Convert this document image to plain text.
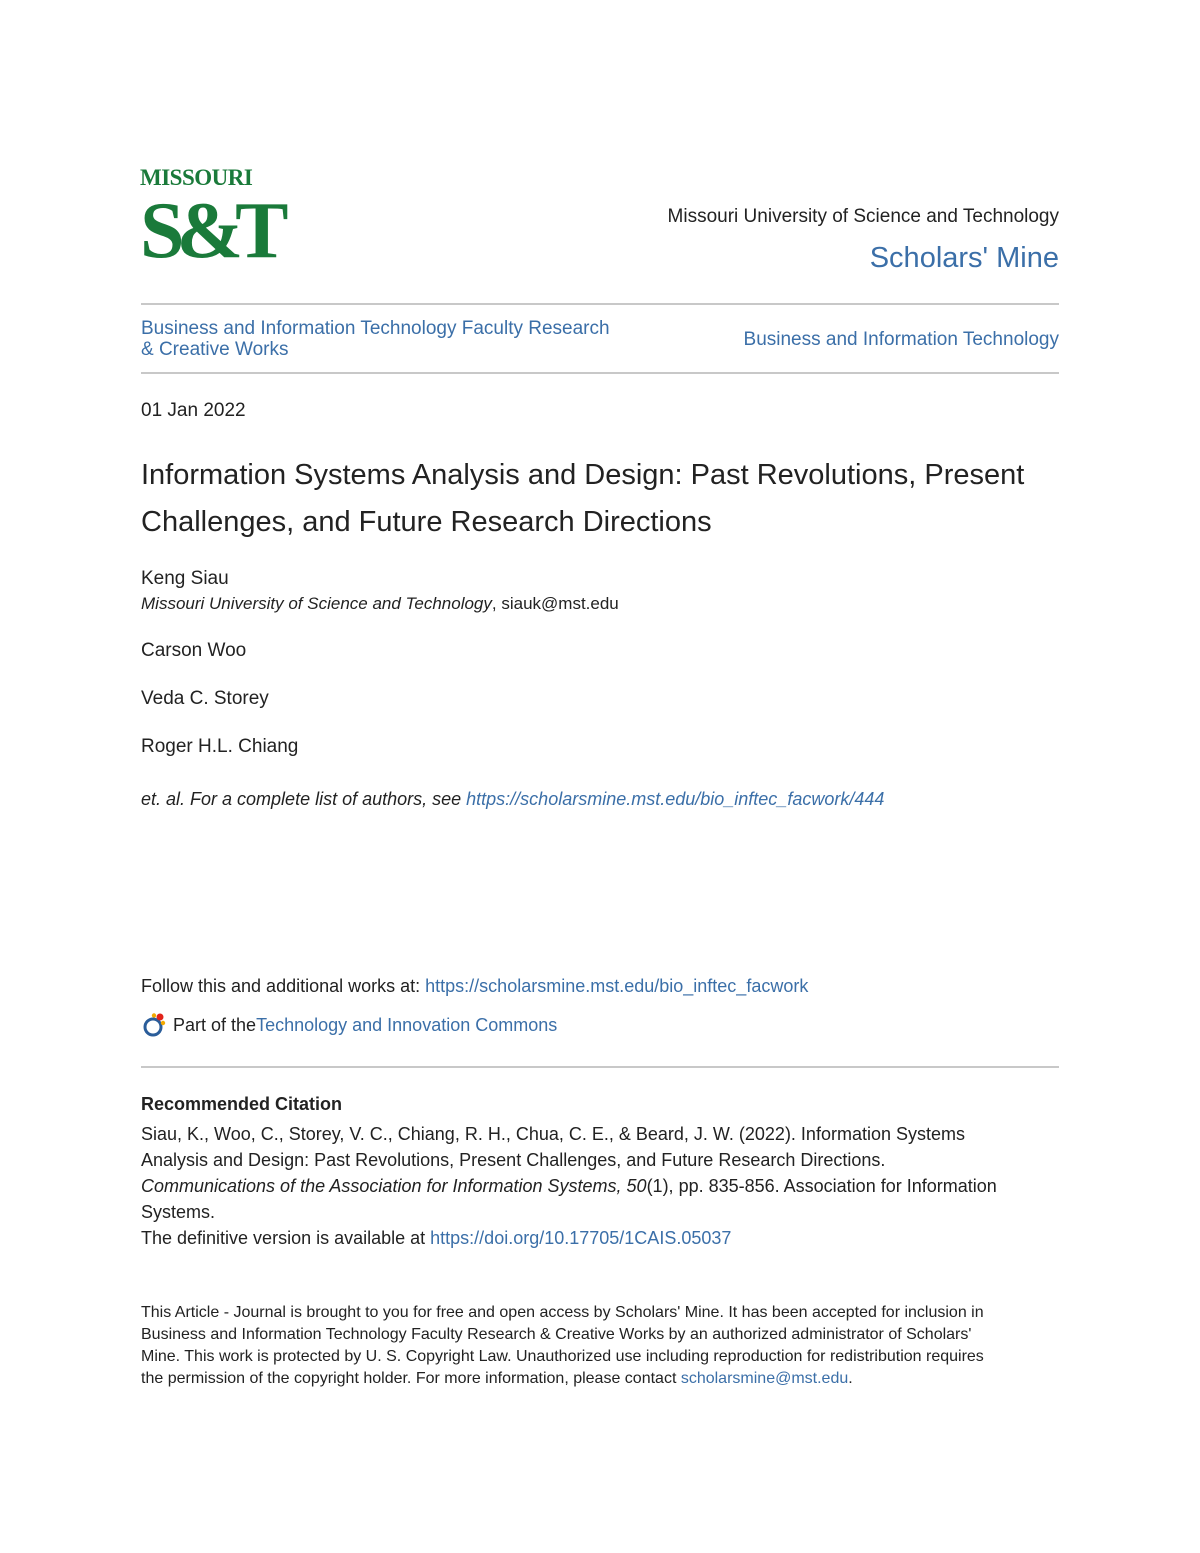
MISSOURI
S&T	Missouri University of Science and Technology
Scholars' Mine
Business and Information Technology Faculty Research & Creative Works	Business and Information Technology
01 Jan 2022
Information Systems Analysis and Design: Past Revolutions, Present Challenges, and Future Research Directions
Keng Siau
Missouri University of Science and Technology, siauk@mst.edu
Carson Woo
Veda C. Storey
Roger H.L. Chiang
et. al. For a complete list of authors, see https://scholarsmine.mst.edu/bio_inftec_facwork/444
Follow this and additional works at: https://scholarsmine.mst.edu/bio_inftec_facwork
Part of the Technology and Innovation Commons
Recommended Citation
Siau, K., Woo, C., Storey, V. C., Chiang, R. H., Chua, C. E., & Beard, J. W. (2022). Information Systems Analysis and Design: Past Revolutions, Present Challenges, and Future Research Directions. Communications of the Association for Information Systems, 50(1), pp. 835-856. Association for Information Systems.
The definitive version is available at https://doi.org/10.17705/1CAIS.05037
This Article - Journal is brought to you for free and open access by Scholars' Mine. It has been accepted for inclusion in Business and Information Technology Faculty Research & Creative Works by an authorized administrator of Scholars' Mine. This work is protected by U. S. Copyright Law. Unauthorized use including reproduction for redistribution requires the permission of the copyright holder. For more information, please contact scholarsmine@mst.edu.
